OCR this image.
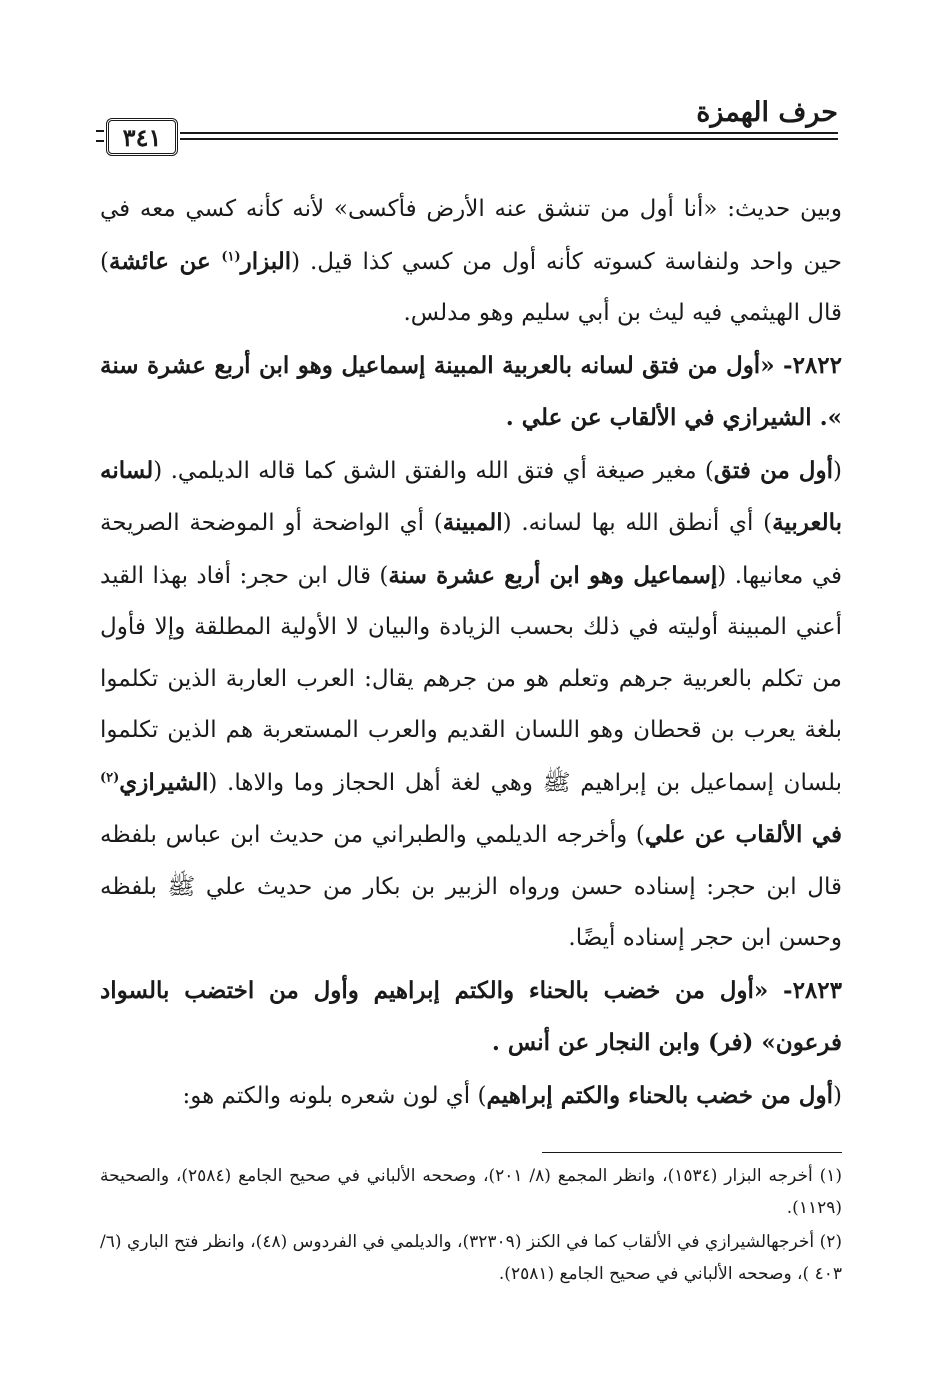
حرف الهمزة
٣٤١

وبين حديث: «أنا أول من تنشق عنه الأرض فأكسى» لأنه كأنه كسي معه في حين واحد ولنفاسة كسوته كأنه أول من كسي كذا قيل. (البزار$^{(١)}$ عن عائشة) قال الهيثمي فيه ليث بن أبي سليم وهو مدلس.

٢٨٢٢- «أول من فتق لسانه بالعربية المبينة إسماعيل وهو ابن أربع عشرة سنة ». الشيرازي في الألقاب عن علي .

(أول من فتق) مغير صيغة أي فتق الله والفتق الشق كما قاله الديلمي. (لسانه بالعربية) أي أنطق الله بها لسانه. (المبينة) أي الواضحة أو الموضحة الصريحة في معانيها. (إسماعيل وهو ابن أربع عشرة سنة) قال ابن حجر: أفاد بهذا القيد أعني المبينة أوليته في ذلك بحسب الزيادة والبيان لا الأولية المطلقة وإلا فأول من تكلم بالعربية جرهم وتعلم هو من جرهم يقال: العرب العاربة الذين تكلموا بلغة يعرب بن قحطان وهو اللسان القديم والعرب المستعربة هم الذين تكلموا بلسان إسماعيل بن إبراهيم ﷺ وهي لغة أهل الحجاز وما والاها. (الشيرازي$^{(٢)}$ في الألقاب عن علي) وأخرجه الديلمي والطبراني من حديث ابن عباس بلفظه قال ابن حجر: إسناده حسن ورواه الزبير بن بكار من حديث علي ﷺ بلفظه وحسن ابن حجر إسناده أيضًا.

٢٨٢٣- «أول من خضب بالحناء والكتم إبراهيم وأول من اختضب بالسواد فرعون» (فر) وابن النجار عن أنس .

(أول من خضب بالحناء والكتم إبراهيم) أي لون شعره بلونه والكتم هو:

(١) أخرجه البزار (١٥٣٤)، وانظر المجمع (٨/ ٢٠١)، وصححه الألباني في صحيح الجامع (٢٥٨٤)، والصحيحة (١١٢٩).

(٢) أخرجهالشيرازي في الألقاب كما في الكنز (٣٢٣٠٩)، والديلمي في الفردوس (٤٨)، وانظر فتح الباري (٦/ ٤٠٣ )، وصححه الألباني في صحيح الجامع (٢٥٨١).
